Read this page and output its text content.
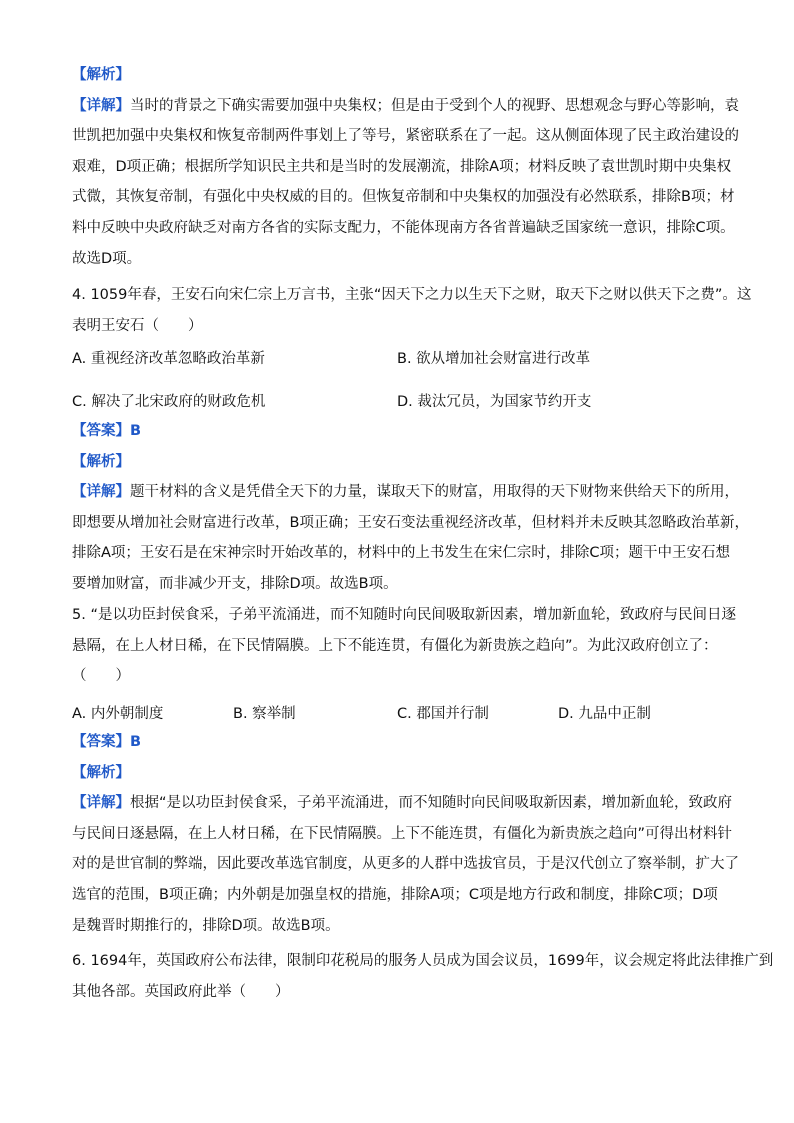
【解析】
【详解】当时的背景之下确实需要加强中央集权；但是由于受到个人的视野、思想观念与野心等影响，袁
世凯把加强中央集权和恢复帝制两件事划上了等号，紧密联系在了一起。这从侧面体现了民主政治建设的
艰难，D项正确；根据所学知识民主共和是当时的发展潮流，排除A项；材料反映了袁世凯时期中央集权
式微，其恢复帝制，有强化中央权威的目的。但恢复帝制和中央集权的加强没有必然联系，排除B项；材
料中反映中央政府缺乏对南方各省的实际支配力，不能体现南方各省普遍缺乏国家统一意识，排除C项。
故选D项。
4. 1059年春，王安石向宋仁宗上万言书，主张“因天下之力以生天下之财，取天下之财以供天下之费”。这
表明王安石（　　）
A. 重视经济改革忽略政治革新	B. 欲从增加社会财富进行改革
C. 解决了北宋政府的财政危机	D. 裁汰冗员，为国家节约开支
【答案】B
【解析】
【详解】题干材料的含义是凭借全天下的力量，谋取天下的财富，用取得的天下财物来供给天下的所用，
即想要从增加社会财富进行改革，B项正确；王安石变法重视经济改革，但材料并未反映其忽略政治革新，
排除A项；王安石是在宋神宗时开始改革的，材料中的上书发生在宋仁宗时，排除C项；题干中王安石想
要增加财富，而非减少开支，排除D项。故选B项。
5. “是以功臣封侯食采，子弟平流涌进，而不知随时向民间吸取新因素，增加新血轮，致政府与民间日逐
悬隔，在上人材日稀，在下民情隔膜。上下不能连贯，有僵化为新贵族之趋向”。为此汉政府创立了：
（　　）
A. 内外朝制度	B. 察举制	C. 郡国并行制	D. 九品中正制
【答案】B
【解析】
【详解】根据“是以功臣封侯食采，子弟平流涌进，而不知随时向民间吸取新因素，增加新血轮，致政府
与民间日逐悬隔，在上人材日稀，在下民情隔膜。上下不能连贯，有僵化为新贵族之趋向”可得出材料针
对的是世官制的弊端，因此要改革选官制度，从更多的人群中选拔官员，于是汉代创立了察举制，扩大了
选官的范围，B项正确；内外朝是加强皇权的措施，排除A项；C项是地方行政和制度，排除C项；D项
是魏晋时期推行的，排除D项。故选B项。
6. 1694年，英国政府公布法律，限制印花税局的服务人员成为国会议员，1699年，议会规定将此法律推广到
其他各部。英国政府此举（　　）
